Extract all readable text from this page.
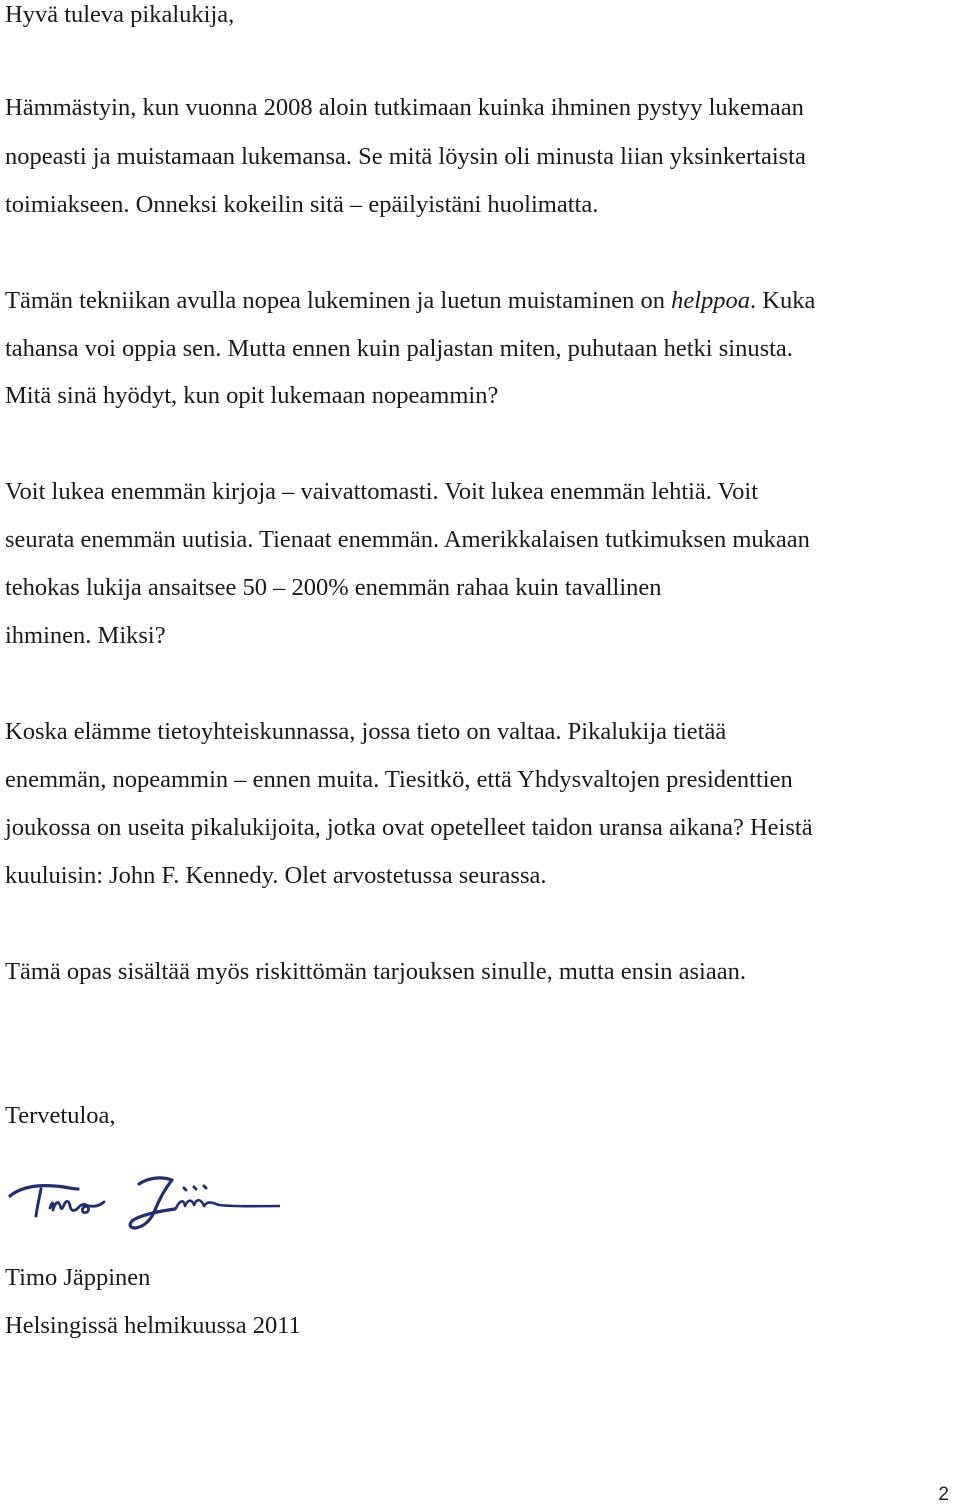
Hyvä tuleva pikalukija,

Hämmästyin, kun vuonna 2008 aloin tutkimaan kuinka ihminen pystyy lukemaan

nopeasti ja muistamaan lukemansa. Se mitä löysin oli minusta liian yksinkertaista

toimiakseen. Onneksi kokeilin sitä – epäilyistäni huolimatta.

Tämän tekniikan avulla nopea lukeminen ja luetun muistaminen on helppoa. Kuka

tahansa voi oppia sen. Mutta ennen kuin paljastan miten, puhutaan hetki sinusta.

Mitä sinä hyödyt, kun opit lukemaan nopeammin?

Voit lukea enemmän kirjoja – vaivattomasti. Voit lukea enemmän lehtiä. Voit

seurata enemmän uutisia. Tienaat enemmän. Amerikkalaisen tutkimuksen mukaan

tehokas lukija ansaitsee 50 – 200% enemmän rahaa kuin tavallinen

ihminen. Miksi?

Koska elämme tietoyhteiskunnassa, jossa tieto on valtaa. Pikalukija tietää

enemmän, nopeammin – ennen muita. Tiesitkö, että Yhdysvaltojen presidenttien

joukossa on useita pikalukijoita, jotka ovat opetelleet taidon uransa aikana? Heistä

kuuluisin: John F. Kennedy. Olet arvostetussa seurassa.

Tämä opas sisältää myös riskittömän tarjouksen sinulle, mutta ensin asiaan.

Tervetuloa,

Timo Jäppinen

Helsingissä helmikuussa 2011

2
